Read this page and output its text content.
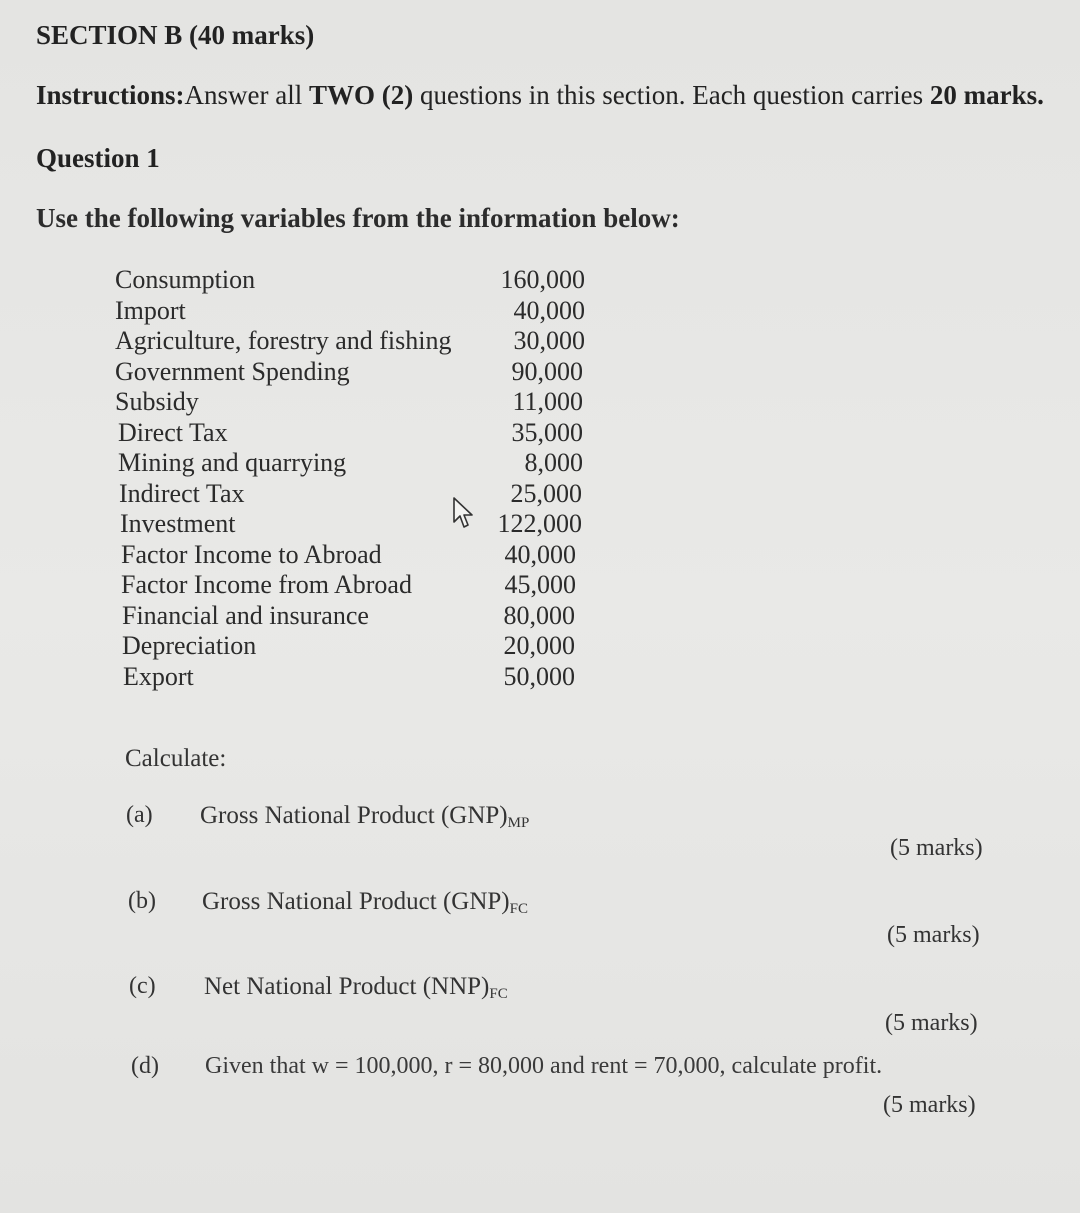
SECTION B (40 marks)
Instructions:Answer all TWO (2) questions in this section. Each question carries 20 marks.
Question 1
Use the following variables from the information below:
Consumption	160,000
Import	40,000
Agriculture, forestry and fishing 30,000
Government Spending	90,000
Subsidy	11,000
Direct Tax	35,000
Mining and quarrying	8,000
Indirect Tax	25,000
Investment	122,000
Factor Income to Abroad	40,000
Factor Income from Abroad	45,000
Financial and insurance	80,000
Depreciation	20,000
Export	50,000
Calculate:
(a) Gross National Product $(GNP)_{MP}$
(5 marks)
(b) Gross National Product $(GNP)_{FC}$
(5 marks)
(c) Net National Product $(NNP)_{FC}$
(5 marks)
(d) Given that w = 100,000, r = 80,000 and rent = 70,000, calculate profit.
(5 marks)
